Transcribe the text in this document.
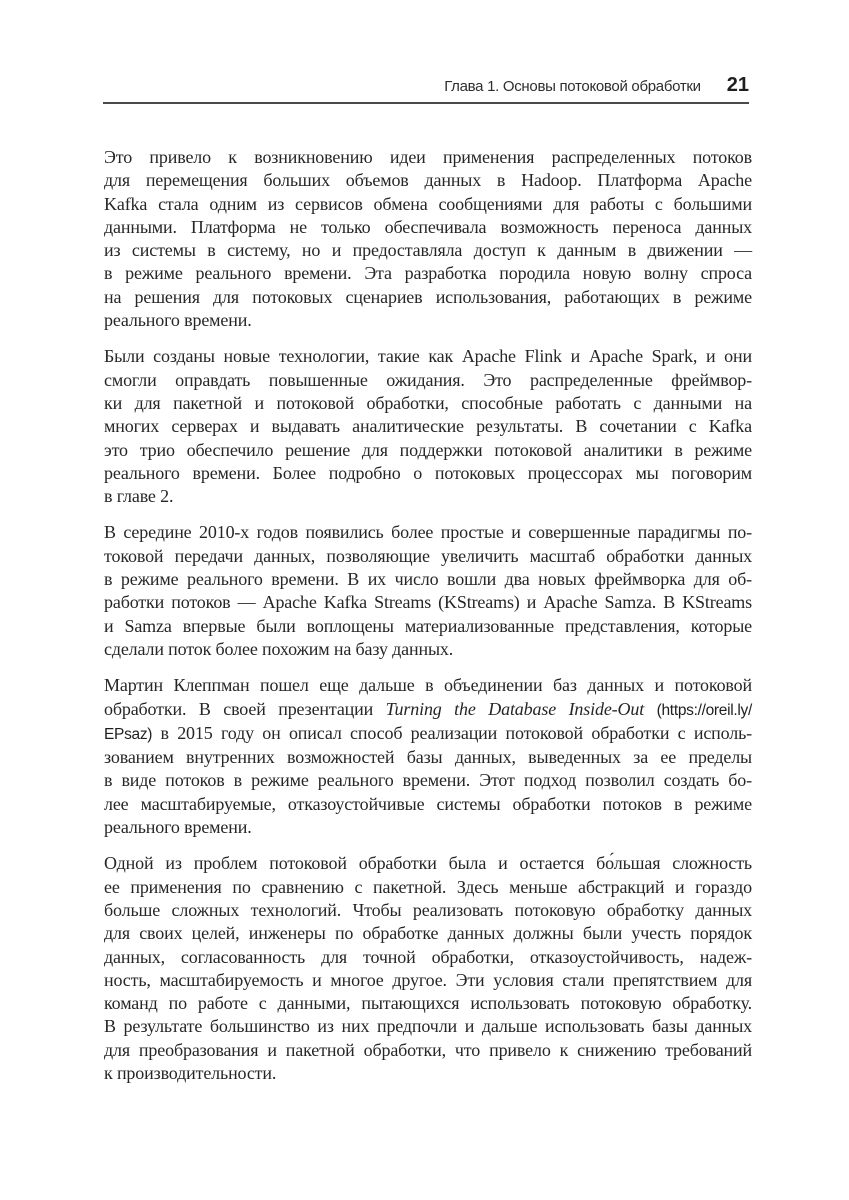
Глава 1. Основы потоковой обработки 21
Это привело к возникновению идеи применения распределенных потоков
для перемещения больших объемов данных в Hadoop. Платформа Apache
Kafka стала одним из сервисов обмена сообщениями для работы с большими
данными. Платформа не только обеспечивала возможность переноса данных
из системы в систему, но и предоставляла доступ к данным в движении —
в режиме реального времени. Эта разработка породила новую волну спроса
на решения для потоковых сценариев использования, работающих в режиме
реального времени.
Были созданы новые технологии, такие как Apache Flink и Apache Spark, и они
смогли оправдать повышенные ожидания. Это распределенные фреймвор-
ки для пакетной и потоковой обработки, способные работать с данными на
многих серверах и выдавать аналитические результаты. В сочетании с Kafka
это трио обеспечило решение для поддержки потоковой аналитики в режиме
реального времени. Более подробно о потоковых процессорах мы поговорим
в главе 2.
В середине 2010-х годов появились более простые и совершенные парадигмы по-
токовой передачи данных, позволяющие увеличить масштаб обработки данных
в режиме реального времени. В их число вошли два новых фреймворка для об-
работки потоков — Apache Kafka Streams (KStreams) и Apache Samza. В KStreams
и Samza впервые были воплощены материализованные представления, которые
сделали поток более похожим на базу данных.
Мартин Клеппман пошел еще дальше в объединении баз данных и потоковой
обработки. В своей презентации Turning the Database Inside-Out (https://oreil.ly/
EPsaz) в 2015 году он описал способ реализации потоковой обработки с исполь-
зованием внутренних возможностей базы данных, выведенных за ее пределы
в виде потоков в режиме реального времени. Этот подход позволил создать бо-
лее масштабируемые, отказоустойчивые системы обработки потоков в режиме
реального времени.
Одной из проблем потоковой обработки была и остается бо́льшая сложность
ее применения по сравнению с пакетной. Здесь меньше абстракций и гораздо
больше сложных технологий. Чтобы реализовать потоковую обработку данных
для своих целей, инженеры по обработке данных должны были учесть порядок
данных, согласованность для точной обработки, отказоустойчивость, надеж-
ность, масштабируемость и многое другое. Эти условия стали препятствием для
команд по работе с данными, пытающихся использовать потоковую обработку.
В результате большинство из них предпочли и дальше использовать базы данных
для преобразования и пакетной обработки, что привело к снижению требований
к производительности.
